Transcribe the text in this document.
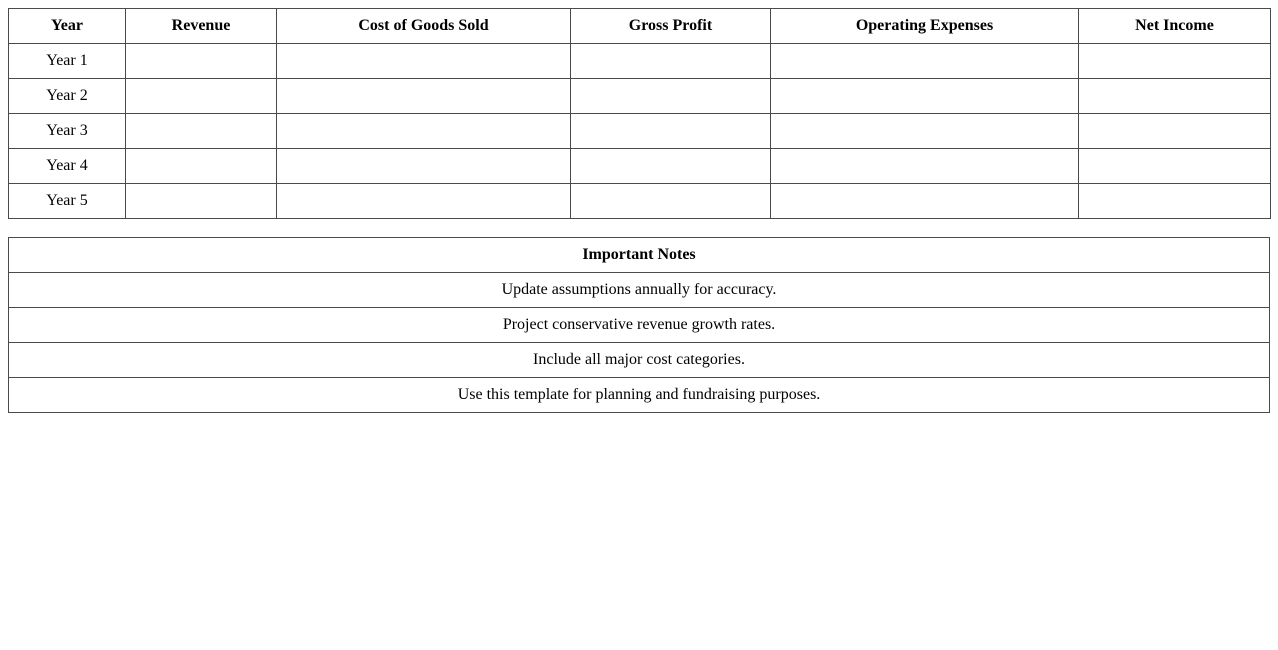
Year	Revenue	Cost of Goods Sold	Gross Profit	Operating Expenses	Net Income
Year 1					
Year 2					
Year 3					
Year 4					
Year 5					
Important Notes
Update assumptions annually for accuracy.
Project conservative revenue growth rates.
Include all major cost categories.
Use this template for planning and fundraising purposes.
